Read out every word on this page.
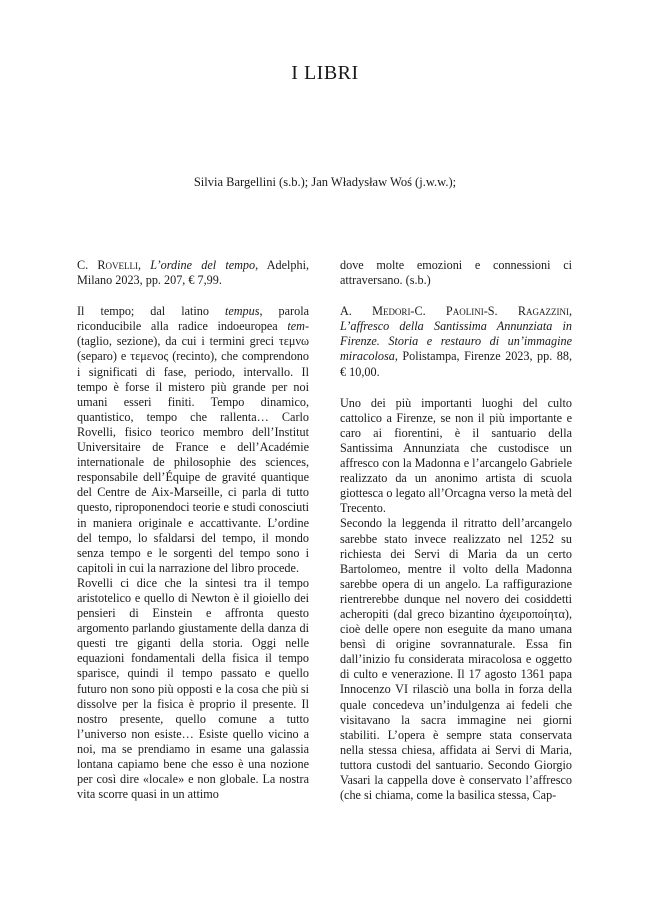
I LIBRI
Silvia Bargellini (s.b.); Jan Władysław Woś (j.w.w.);

C. Rovelli, L’ordine del tempo, Adelphi, Milano 2023, pp. 207, € 7,99.

Il tempo; dal latino tempus, parola riconducibile alla radice indoeuropea tem- (taglio, sezione), da cui i termini greci τεμνω (separo) e τεμενος (recinto), che comprendono i significati di fase, periodo, intervallo. Il tempo è forse il mistero più grande per noi umani esseri finiti. Tempo dinamico, quantistico, tempo che rallenta… Carlo Rovelli, fisico teorico membro dell’Institut Universitaire de France e dell’Académie internationale de philosophie des sciences, responsabile dell’Équipe de gravité quantique del Centre de Aix-Marseille, ci parla di tutto questo, riproponendoci teorie e studi conosciuti in maniera originale e accattivante. L’ordine del tempo, lo sfaldarsi del tempo, il mondo senza tempo e le sorgenti del tempo sono i capitoli in cui la narrazione del libro procede.

Rovelli ci dice che la sintesi tra il tempo aristotelico e quello di Newton è il gioiello dei pensieri di Einstein e affronta questo argomento parlando giustamente della danza di questi tre giganti della storia. Oggi nelle equazioni fondamentali della fisica il tempo sparisce, quindi il tempo passato e quello futuro non sono più opposti e la cosa che più si dissolve per la fisica è proprio il presente. Il nostro presente, quello comune a tutto l’universo non esiste… Esiste quello vicino a noi, ma se prendiamo in esame una galassia lontana capiamo bene che esso è una nozione per così dire «locale» e non globale. La nostra vita scorre quasi in un attimo

dove molte emozioni e connessioni ci attraversano. (s.b.)

A. Medori-C. Paolini-S. Ragazzini, L’affresco della Santissima Annunziata in Firenze. Storia e restauro di un’immagine miracolosa, Polistampa, Firenze 2023, pp. 88, € 10,00.

Uno dei più importanti luoghi del culto cattolico a Firenze, se non il più importante e caro ai fiorentini, è il santuario della Santissima Annunziata che custodisce un affresco con la Madonna e l’arcangelo Gabriele realizzato da un anonimo artista di scuola giottesca o legato all’Orcagna verso la metà del Trecento.

Secondo la leggenda il ritratto dell’arcangelo sarebbe stato invece realizzato nel 1252 su richiesta dei Servi di Maria da un certo Bartolomeo, mentre il volto della Madonna sarebbe opera di un angelo. La raffigurazione rientrerebbe dunque nel novero dei cosiddetti acheropiti (dal greco bizantino ἀχειροποίητα), cioè delle opere non eseguite da mano umana bensì di origine sovrannaturale. Essa fin dall’inizio fu considerata miracolosa e oggetto di culto e venerazione. Il 17 agosto 1361 papa Innocenzo VI rilasciò una bolla in forza della quale concedeva un’indulgenza ai fedeli che visitavano la sacra immagine nei giorni stabiliti. L’opera è sempre stata conservata nella stessa chiesa, affidata ai Servi di Maria, tuttora custodi del santuario. Secondo Giorgio Vasari la cappella dove è conservato l’affresco (che si chiama, come la basilica stessa, Cap-
